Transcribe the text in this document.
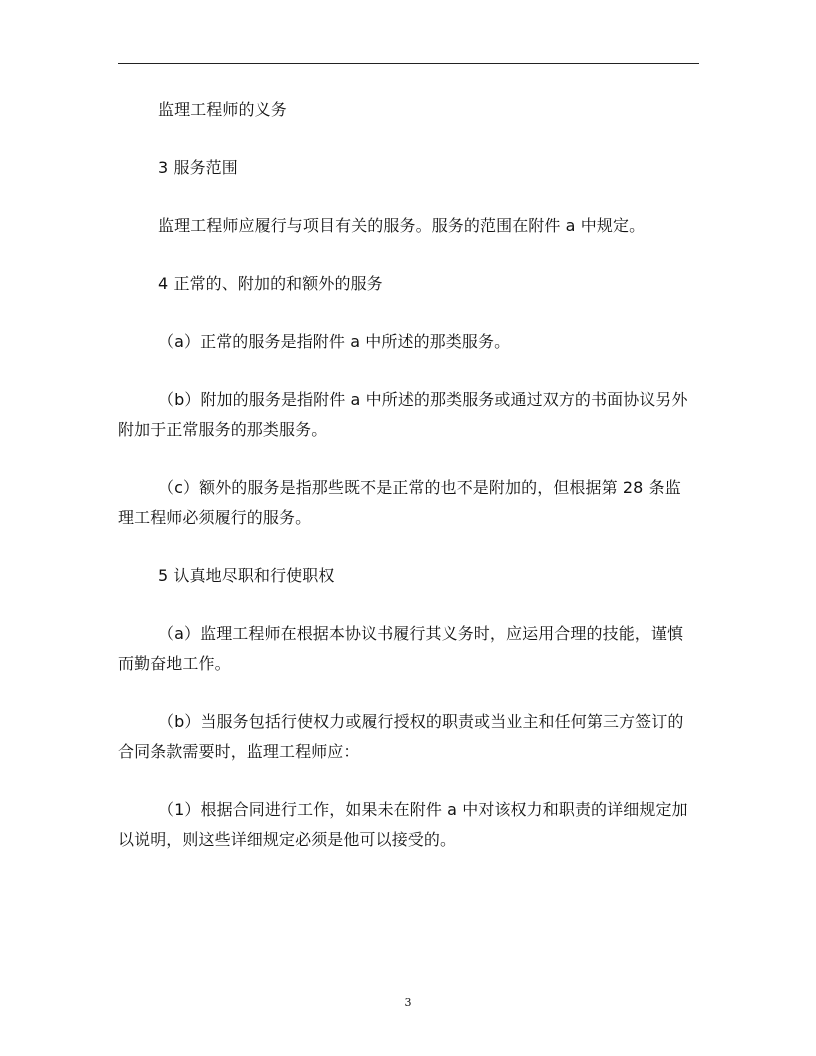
监理工程师的义务

3 服务范围

监理工程师应履行与项目有关的服务。服务的范围在附件 a 中规定。

4 正常的、附加的和额外的服务

（a）正常的服务是指附件 a 中所述的那类服务。

（b）附加的服务是指附件 a 中所述的那类服务或通过双方的书面协议另外附加于正常服务的那类服务。

（c）额外的服务是指那些既不是正常的也不是附加的，但根据第 28 条监理工程师必须履行的服务。

5 认真地尽职和行使职权

（a）监理工程师在根据本协议书履行其义务时，应运用合理的技能，谨慎而勤奋地工作。

（b）当服务包括行使权力或履行授权的职责或当业主和任何第三方签订的合同条款需要时，监理工程师应：

（1）根据合同进行工作，如果未在附件 a 中对该权力和职责的详细规定加以说明，则这些详细规定必须是他可以接受的。

3
